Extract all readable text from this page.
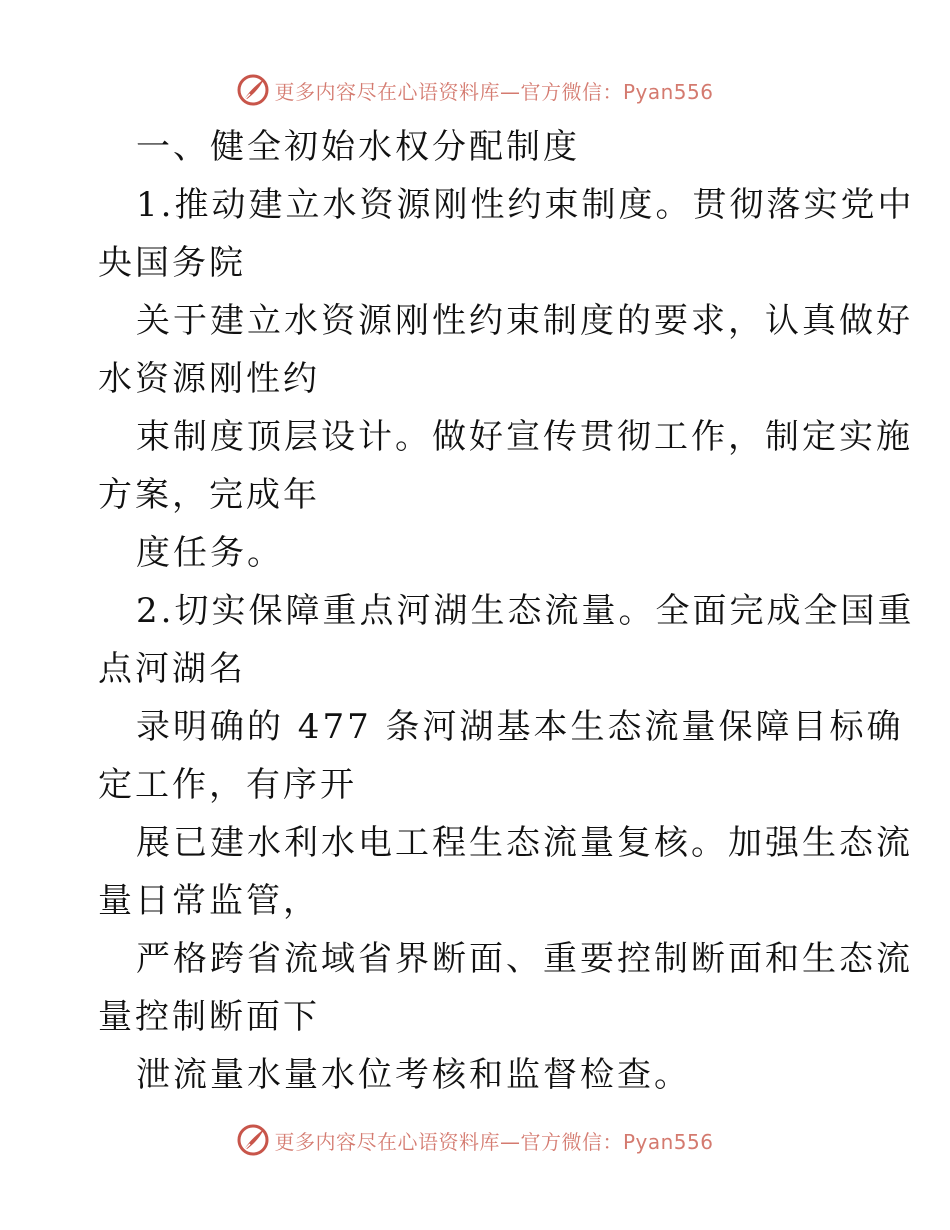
更多内容尽在心语资料库—官方微信：Pyan556
一、健全初始水权分配制度
1.推动建立水资源刚性约束制度。贯彻落实党中
央国务院
关于建立水资源刚性约束制度的要求，认真做好
水资源刚性约
束制度顶层设计。做好宣传贯彻工作，制定实施
方案，完成年
度任务。
2.切实保障重点河湖生态流量。全面完成全国重
点河湖名
录明确的 477 条河湖基本生态流量保障目标确
定工作，有序开
展已建水利水电工程生态流量复核。加强生态流
量日常监管，
严格跨省流域省界断面、重要控制断面和生态流
量控制断面下
泄流量水量水位考核和监督检查。
更多内容尽在心语资料库—官方微信：Pyan556
